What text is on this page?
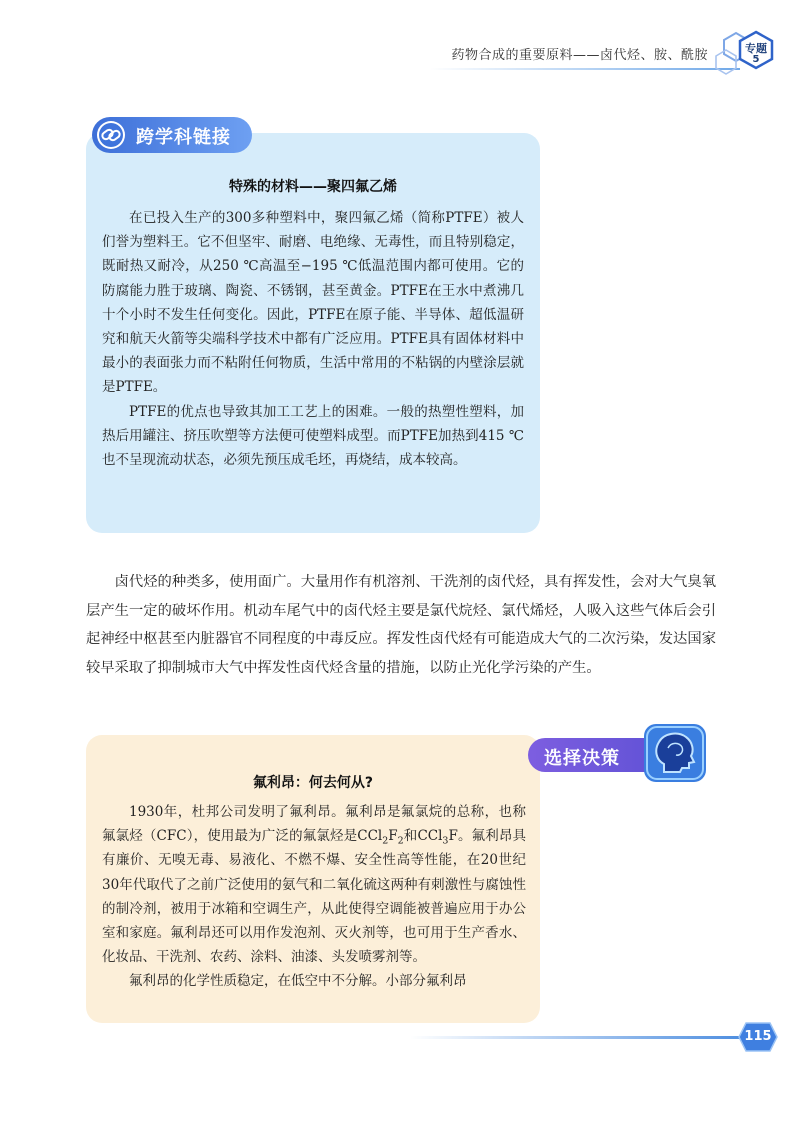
药物合成的重要原料——卤代烃、胺、酰胺	专题
5
跨学科链接
特殊的材料——聚四氟乙烯

在已投入生产的300多种塑料中，聚四氟乙烯（简称PTFE）被人们誉为塑料王。它不但坚牢、耐磨、电绝缘、无毒性，而且特别稳定，既耐热又耐冷，从250 ℃高温至−195 ℃低温范围内都可使用。它的防腐能力胜于玻璃、陶瓷、不锈钢，甚至黄金。PTFE在王水中煮沸几十个小时不发生任何变化。因此，PTFE在原子能、半导体、超低温研究和航天火箭等尖端科学技术中都有广泛应用。PTFE具有固体材料中最小的表面张力而不粘附任何物质，生活中常用的不粘锅的内壁涂层就是PTFE。

PTFE的优点也导致其加工工艺上的困难。一般的热塑性塑料，加热后用罐注、挤压吹塑等方法便可使塑料成型。而PTFE加热到415 ℃也不呈现流动状态，必须先预压成毛坯，再烧结，成本较高。

卤代烃的种类多，使用面广。大量用作有机溶剂、干洗剂的卤代烃，具有挥发性，会对大气臭氧层产生一定的破坏作用。机动车尾气中的卤代烃主要是氯代烷烃、氯代烯烃，人吸入这些气体后会引起神经中枢甚至内脏器官不同程度的中毒反应。挥发性卤代烃有可能造成大气的二次污染，发达国家较早采取了抑制城市大气中挥发性卤代烃含量的措施，以防止光化学污染的产生。

选择决策
氟利昂：何去何从?

1930年，杜邦公司发明了氟利昂。氟利昂是氟氯烷的总称，也称氟氯烃（CFC），使用最为广泛的氟氯烃是$CCl_2F_2$和CCl$_3$F。氟利昂具有廉价、无嗅无毒、易液化、不燃不爆、安全性高等性能，在20世纪30年代取代了之前广泛使用的氨气和二氧化硫这两种有刺激性与腐蚀性的制冷剂，被用于冰箱和空调生产，从此使得空调能被普遍应用于办公室和家庭。氟利昂还可以用作发泡剂、灭火剂等，也可用于生产香水、化妆品、干洗剂、农药、涂料、油漆、头发喷雾剂等。

氟利昂的化学性质稳定，在低空中不分解。小部分氟利昂

115
